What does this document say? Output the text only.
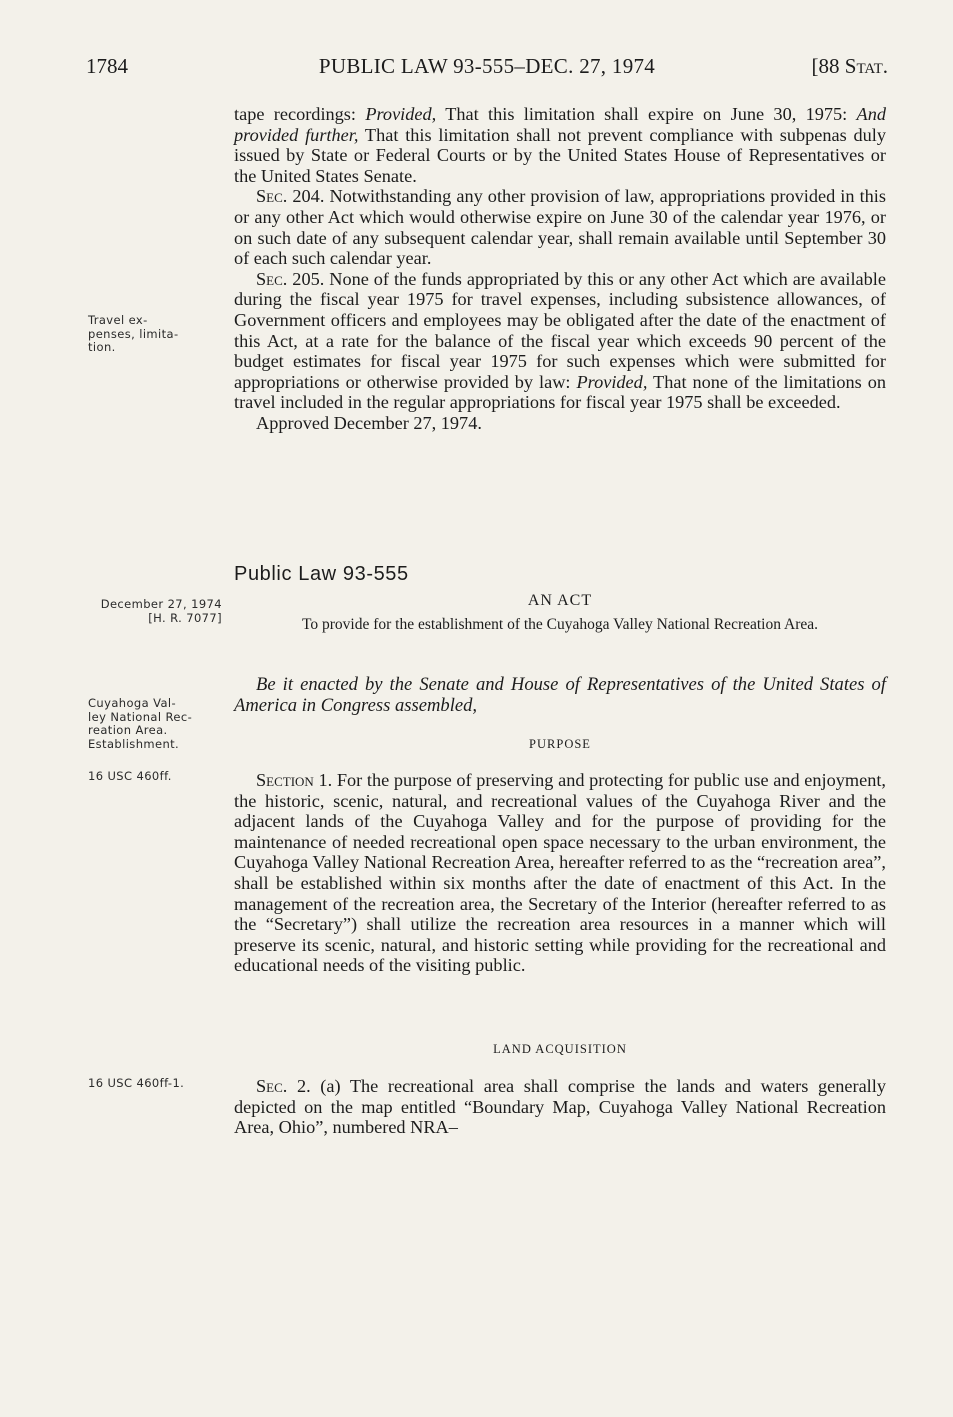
1784	PUBLIC LAW 93-555–DEC. 27, 1974	[88 Stat.

tape recordings: Provided, That this limitation shall expire on June 30, 1975: And provided further, That this limitation shall not prevent compliance with subpenas duly issued by State or Federal Courts or by the United States House of Representatives or the United States Senate.

Sec. 204. Notwithstanding any other provision of law, appropriations provided in this or any other Act which would otherwise expire on June 30 of the calendar year 1976, or on such date of any subsequent calendar year, shall remain available until September 30 of each such calendar year.

Sec. 205. None of the funds appropriated by this or any other Act which are available during the fiscal year 1975 for travel expenses, including subsistence allowances, of Government officers and employees may be obligated after the date of the enactment of this Act, at a rate for the balance of the fiscal year which exceeds 90 percent of the budget estimates for fiscal year 1975 for such expenses which were submitted for appropriations or otherwise provided by law: Provided, That none of the limitations on travel included in the regular appropriations for fiscal year 1975 shall be exceeded.

Approved December 27, 1974.

Travel ex-
penses, limita-
tion.
Public Law 93-555
December 27, 1974
[H. R. 7077]
AN ACT
To provide for the establishment of the Cuyahoga Valley National Recreation Area.
Be it enacted by the Senate and House of Representatives of the United States of America in Congress assembled,
Cuyahoga Val-
ley National Rec-
reation Area.
Establishment.	PURPOSE
16 USC 460ff.	Section 1. For the purpose of preserving and protecting for public use and enjoyment, the historic, scenic, natural, and recreational values of the Cuyahoga River and the adjacent lands of the Cuyahoga Valley and for the purpose of providing for the maintenance of needed recreational open space necessary to the urban environment, the Cuyahoga Valley National Recreation Area, hereafter referred to as the “recreation area”, shall be established within six months after the date of enactment of this Act. In the management of the recreation area, the Secretary of the Interior (hereafter referred to as the “Secretary”) shall utilize the recreation area resources in a manner which will preserve its scenic, natural, and historic setting while providing for the recreational and educational needs of the visiting public.

LAND ACQUISITION
16 USC 460ff-1.	Sec. 2. (a) The recreational area shall comprise the lands and waters generally depicted on the map entitled “Boundary Map, Cuyahoga Valley National Recreation Area, Ohio”, numbered NRA–
